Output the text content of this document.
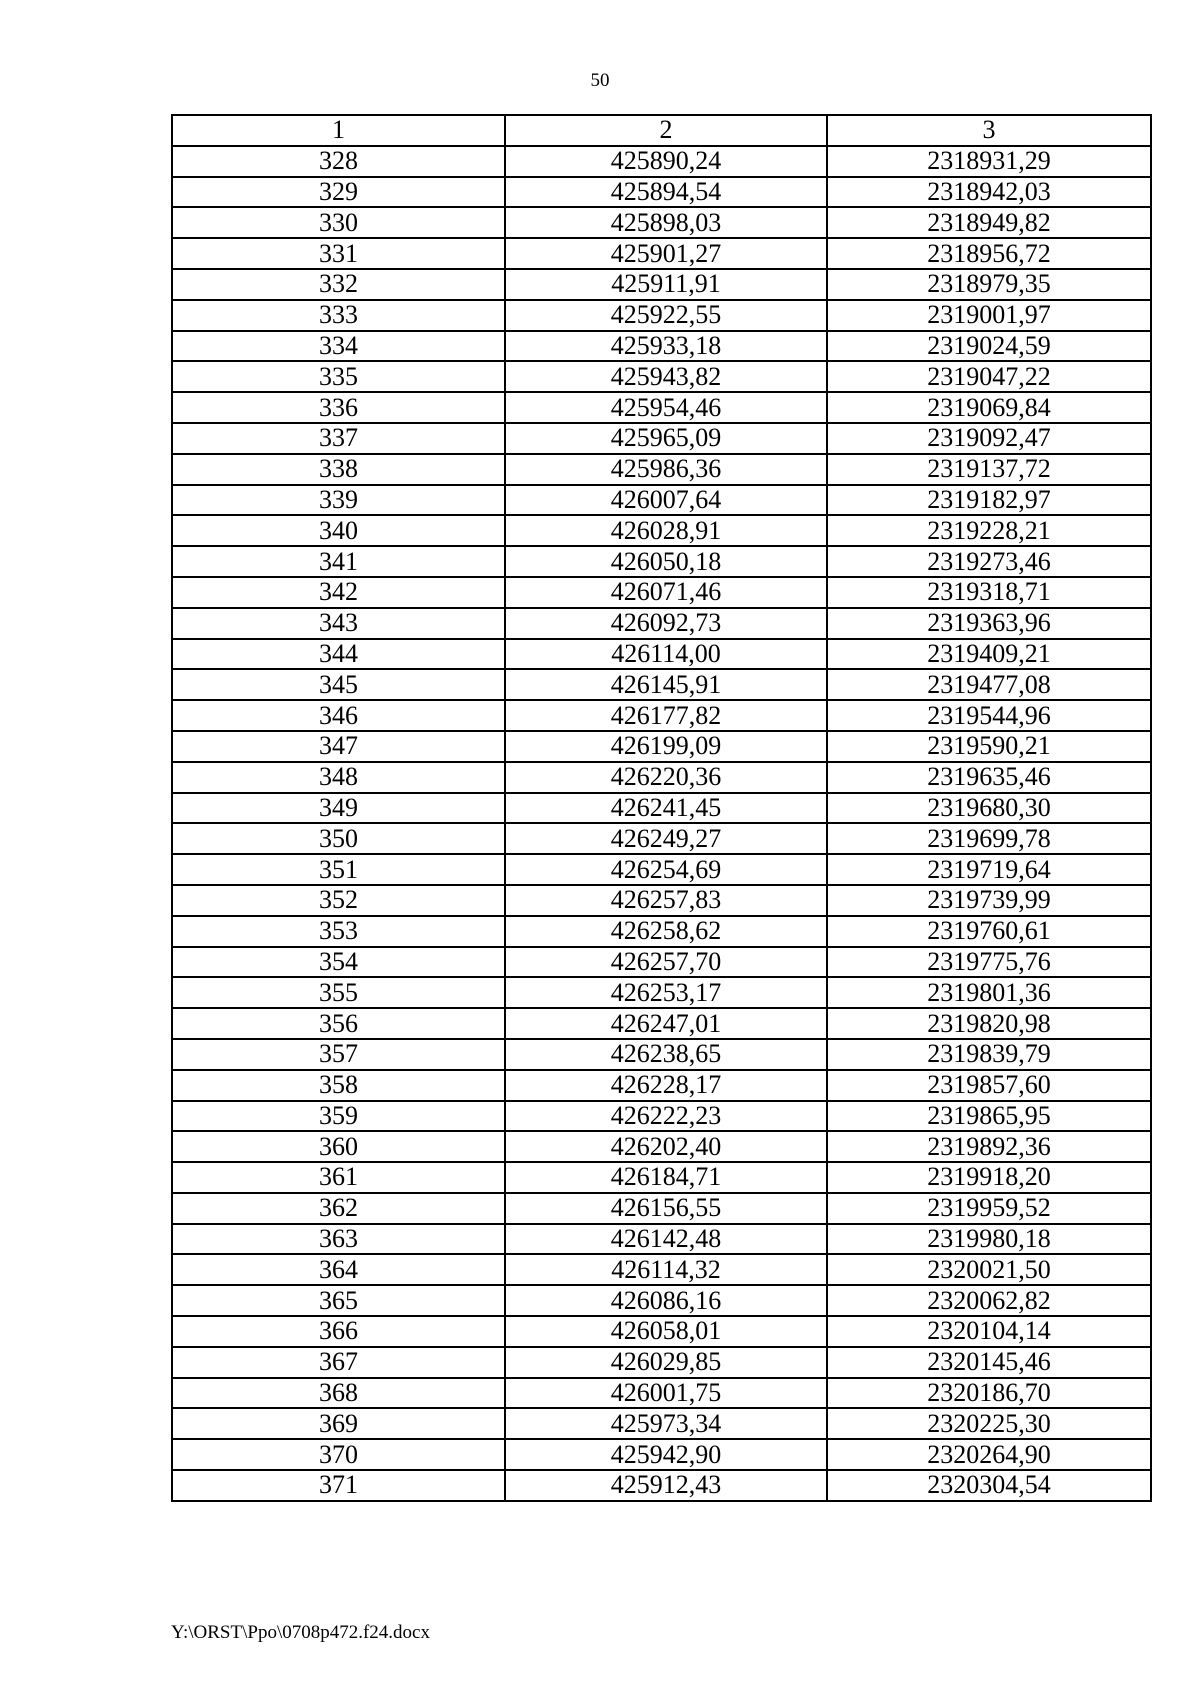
50
1	2	3
328	425890,24	2318931,29
329	425894,54	2318942,03
330	425898,03	2318949,82
331	425901,27	2318956,72
332	425911,91	2318979,35
333	425922,55	2319001,97
334	425933,18	2319024,59
335	425943,82	2319047,22
336	425954,46	2319069,84
337	425965,09	2319092,47
338	425986,36	2319137,72
339	426007,64	2319182,97
340	426028,91	2319228,21
341	426050,18	2319273,46
342	426071,46	2319318,71
343	426092,73	2319363,96
344	426114,00	2319409,21
345	426145,91	2319477,08
346	426177,82	2319544,96
347	426199,09	2319590,21
348	426220,36	2319635,46
349	426241,45	2319680,30
350	426249,27	2319699,78
351	426254,69	2319719,64
352	426257,83	2319739,99
353	426258,62	2319760,61
354	426257,70	2319775,76
355	426253,17	2319801,36
356	426247,01	2319820,98
357	426238,65	2319839,79
358	426228,17	2319857,60
359	426222,23	2319865,95
360	426202,40	2319892,36
361	426184,71	2319918,20
362	426156,55	2319959,52
363	426142,48	2319980,18
364	426114,32	2320021,50
365	426086,16	2320062,82
366	426058,01	2320104,14
367	426029,85	2320145,46
368	426001,75	2320186,70
369	425973,34	2320225,30
370	425942,90	2320264,90
371	425912,43	2320304,54
Y:\ORST\Ppo\0708p472.f24.docx
